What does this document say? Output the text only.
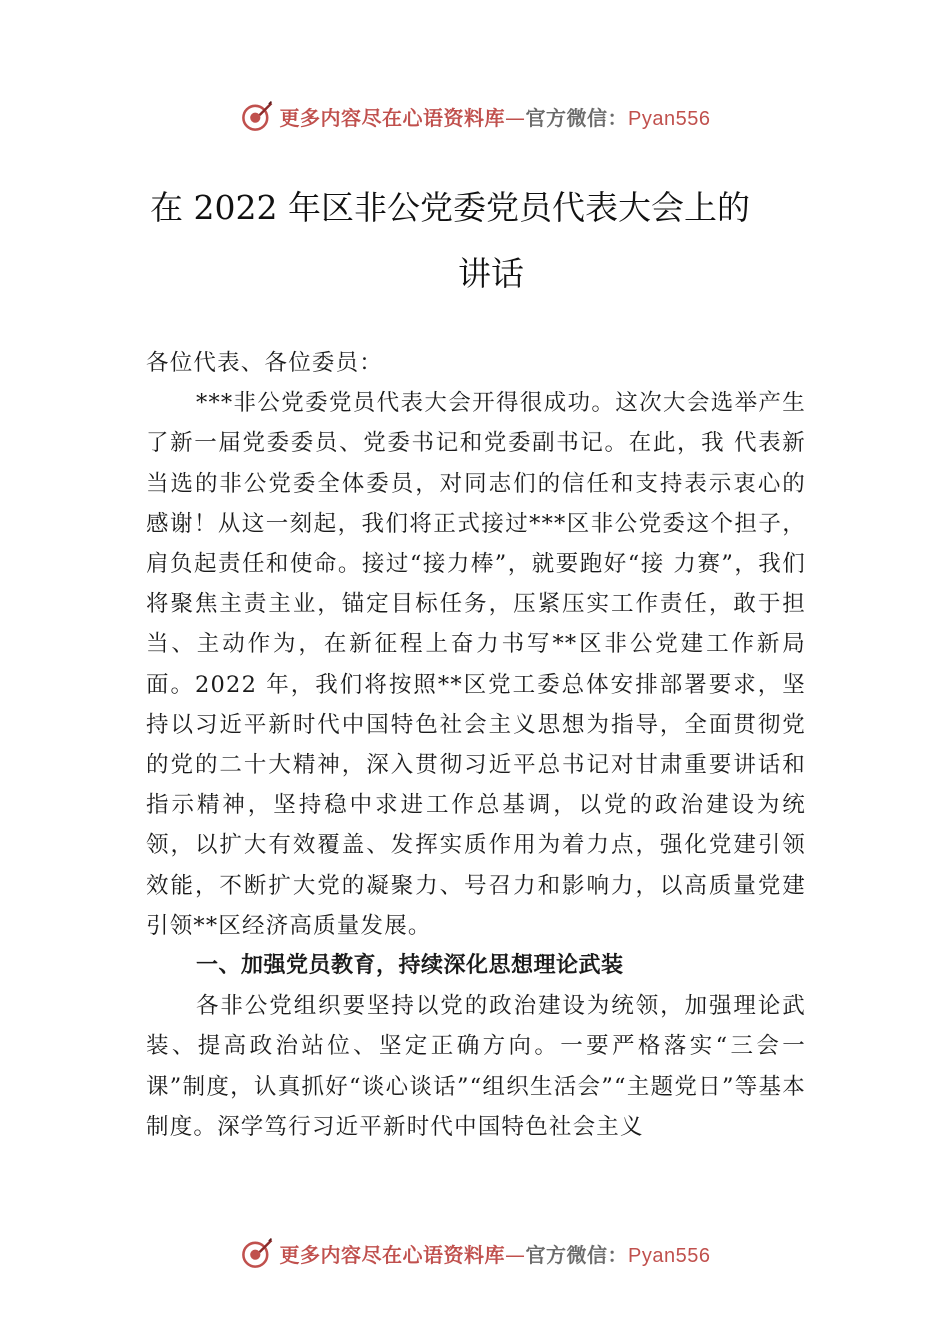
更多内容尽在心语资料库—官方微信：Pyan556
在 2022 年区非公党委党员代表大会上的
讲话

各位代表、各位委员：

***非公党委党员代表大会开得很成功。这次大会选举产生了新一届党委委员、党委书记和党委副书记。在此，我 代表新当选的非公党委全体委员，对同志们的信任和支持表示衷心的感谢！从这一刻起，我们将正式接过***区非公党委这个担子，肩负起责任和使命。接过“接力棒”，就要跑好“接 力赛”，我们将聚焦主责主业，锚定目标任务，压紧压实工作责任，敢于担当、主动作为，在新征程上奋力书写**区非公党建工作新局面。2022 年，我们将按照**区党工委总体安排部署要求，坚持以习近平新时代中国特色社会主义思想为指导，全面贯彻党的党的二十大精神，深入贯彻习近平总书记对甘肃重要讲话和指示精神，坚持稳中求进工作总基调，以党的政治建设为统领，以扩大有效覆盖、发挥实质作用为着力点，强化党建引领效能，不断扩大党的凝聚力、号召力和影响力，以高质量党建引领**区经济高质量发展。

一、加强党员教育，持续深化思想理论武装

各非公党组织要坚持以党的政治建设为统领，加强理论武装、提高政治站位、坚定正确方向。一要严格落实“三会一课”制度，认真抓好“谈心谈话”“组织生活会”“主题党日”等基本制度。深学笃行习近平新时代中国特色社会主义

更多内容尽在心语资料库—官方微信：Pyan556
